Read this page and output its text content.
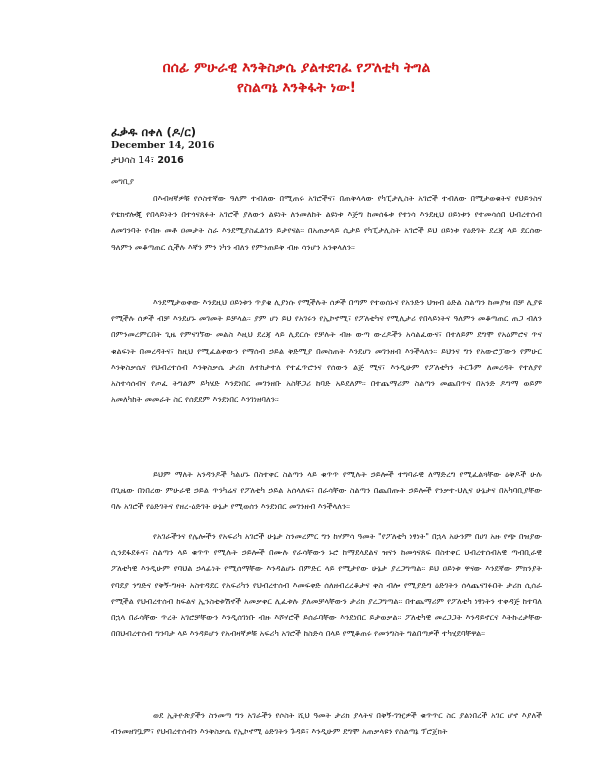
በሰፊ ምሁራዊ እንቅስቃሴ ያልተደገፈ የፖለቲካ ትግል
የስልጣኔ እንቅፋት ነው!
ፈቃዱ በቀለ (ዶ/ር)
December 14, 2016
ታህሳስ 14፣ 2016
መግቢያ
በእብዛኛዎቹ የሶስተኛው ዓለም ተብለው በሚጠሩ አገሮችና፣ በጠቅላላው የካፒታሊስት አገሮች ተብለው በሚታወቁትና የህይንስና የቴክኖሎጂ የበላይነትን በተጎናጸፉት አገሮች ያለውን ልዩነት ለንመለከት ልዩነቱ እጅግ ከመሰፋቱ የተነሳ እንደዚህ ዐይነቱን የተመሳሰበ ህብረተሰብ ለመገንባት የብዙ መቶ ዐመታት ስራ እንደሚያስፈልገን ይታየናል። በአጠቃላይ ሲታይ የካፒታሊስት አገሮች ይህ ዐይነቱ የዕድገት ደረጃ ላይ ደርሰው ዓለምን መቆጣጠር ሲችሉ እኛን ምን ነካን ብለን የምንጠይቅ ብዙ ሳንሆን አንቀላለን።
እንደሚታወቀው እንደዚህ ዐይነቱን ጥያቄ ሊያነሱ የሚችሉት ሰዎች በጣም የተወሰኑና የአንድን ህዝብ ዕድል ስልጣን ከመያዝ በቻ ሊያዩ የሚችሉ ሰዎች ብቻ እንደሆኑ መገመት ይቻላል። ያም ሆነ ይህ የአገሩን የኢኮኖሚ፣ የፖለቲካና የሚሊታሪ የበላይነትና ዓለምን መቆጣጠር ጠጋ ብለን በምንመረምርበት ጊዜ የምናገኘው መልስ እዚህ ደረጃ ላይ ሊደርሱ የቻሉት ብዙ ውጣ ውረዶችን አሳልፈውና፣ በተለይም ደግሞ የአዕምሮና ጥና ቁልፍነት በመረዳትና፣ ከዚህ የሚፈልቀውን የማሰብ ኃይል ቅድሚያ በመስጠት እንደሆነ መገንዘብ እንችላለን። ይህንና ግን የአውሮፓውን የምሁር እንቅስቃሴና የህብረተሰብ እንቅስቃሴ ታሪክ ለተከታተለ የተፈጥሮንና የሰውን ልጅ ሚና፣ እንዲሁም የፖለቲካን ትርጉም ለመረዳት የተለያየ አስተሳሰብና የጦፈ ትግልም ይካሄድ እንደነበር መገንዘቡ አስቸጋሪ ከባድ አይደለም። በተጨማሪም ስልጣን መጨበጥና በአንድ ዶግማ ወይም አመለካከት መመራት ስር የሰደደም እንደነበር እንገነዘባለን።
ይህም ማለት አንዳንዶች ካልሆኑ በስተቀር ስልጣን ላይ ቁጥጥ የሚሉት ኃይሎች ተግባራዊ ለማድረግ የሚፈልጓቸው ዕቅዶች ሁሉ በጊዜው በነበረው ምሁራዊ ኃይል ጥንካሬና የፖለቲካ ኃይል አሰላለፍ፣ በራሳቸው ስልጣን በጨበጡት ኃይሎች የንቃተ-ህሊና ሁኔታና በአካባቢያቸው ባሉ አገሮች የዕድገትና የዘረ-ዕድገት ሁኔታ የሚወሰን እንደነበር መገንዘብ እንችላለን።
የአገራችንና የሌሎችን የአፍሪካ አገሮች ሁኔታ ስንመረምር ግን ከሃምሳ ዓመት "የፖለቲካ ነፃነት" በኋላ አሁንም በሀገ አዙ የጭ በዝያው ሲንደፋደፉና፣ ስልጣን ላይ ቁጥጥ የሚሉት ኃይሎች በሙሉ የራሳቸውን ኑሮ ከማደላደልና ዝናን ከመጎናጸፍ በስተቀር ህብረተሰብአዊ ጣብቢራዊ ፖለቲካዊ እንዲሁም የባህል ኃላፊነት የሚሰማቸው እንዳልሆኑ በምድር ላይ የሚታየው ሁኔታ ያረጋግጣል። ይህ ዐይነቱ ዋናው እንደኛው ምክንያት የባደያ ንግድና የቅኝ-ግዛት አስተዳደር የአፍሪካን የህብረተሰብ እመፍቀድ ሰለዘብረረቆታና ቀስ ብሎ የሚያድግ ዕድገትን ሰላጨናገፉበት ታሪክ ሲሰራ የሚችል የህብረተሰብ ከፍልና ኢንስቲቱሽኖች አመቃቀር ሊፈቱሉ ያለመቻላቸውን ታሪክ ያረጋግጣል። በተጨማሪም የፖለቲካ ነፃነትን ተቀዳጅ ከተባለ በኋላ በራሳቸው ጥረት አገሮቻቸውን እንዲሰገነቡ ብዙ እሾሃሮች ይሰራባቸው እንደነበር ይታወቃል። ፖለቲካዊ መረጋጋት እንዳይኖርና እትኩረታቸው በበህብረተሰብ ግንባታ ላይ እንዳይሆን የአብዛኛዎቹ አፍሪካ አገሮች ከስድሳ በላይ የሚቆጠሩ የመንግስት ግልበጣዎች ተካሂደባቸዋል።
ወደ ኢትዮጵያችን ስንመጣ ግን አገራችን የሶስት ሺህ ዓመት ታሪክ ያላትና በቅኝ-ገዢዎች ቁጥጥር ስር ያልነበረች አገር ሆኖ እያለች ብንመዘገቧም፣ የህብረተሰብን እንቅስቃሴ የኢኮኖሚ ዕድገትን ጉዳይ፣ እንዲሁም ደግሞ አጠቃላዩን የስልጣኔ ፕሮጀክት
